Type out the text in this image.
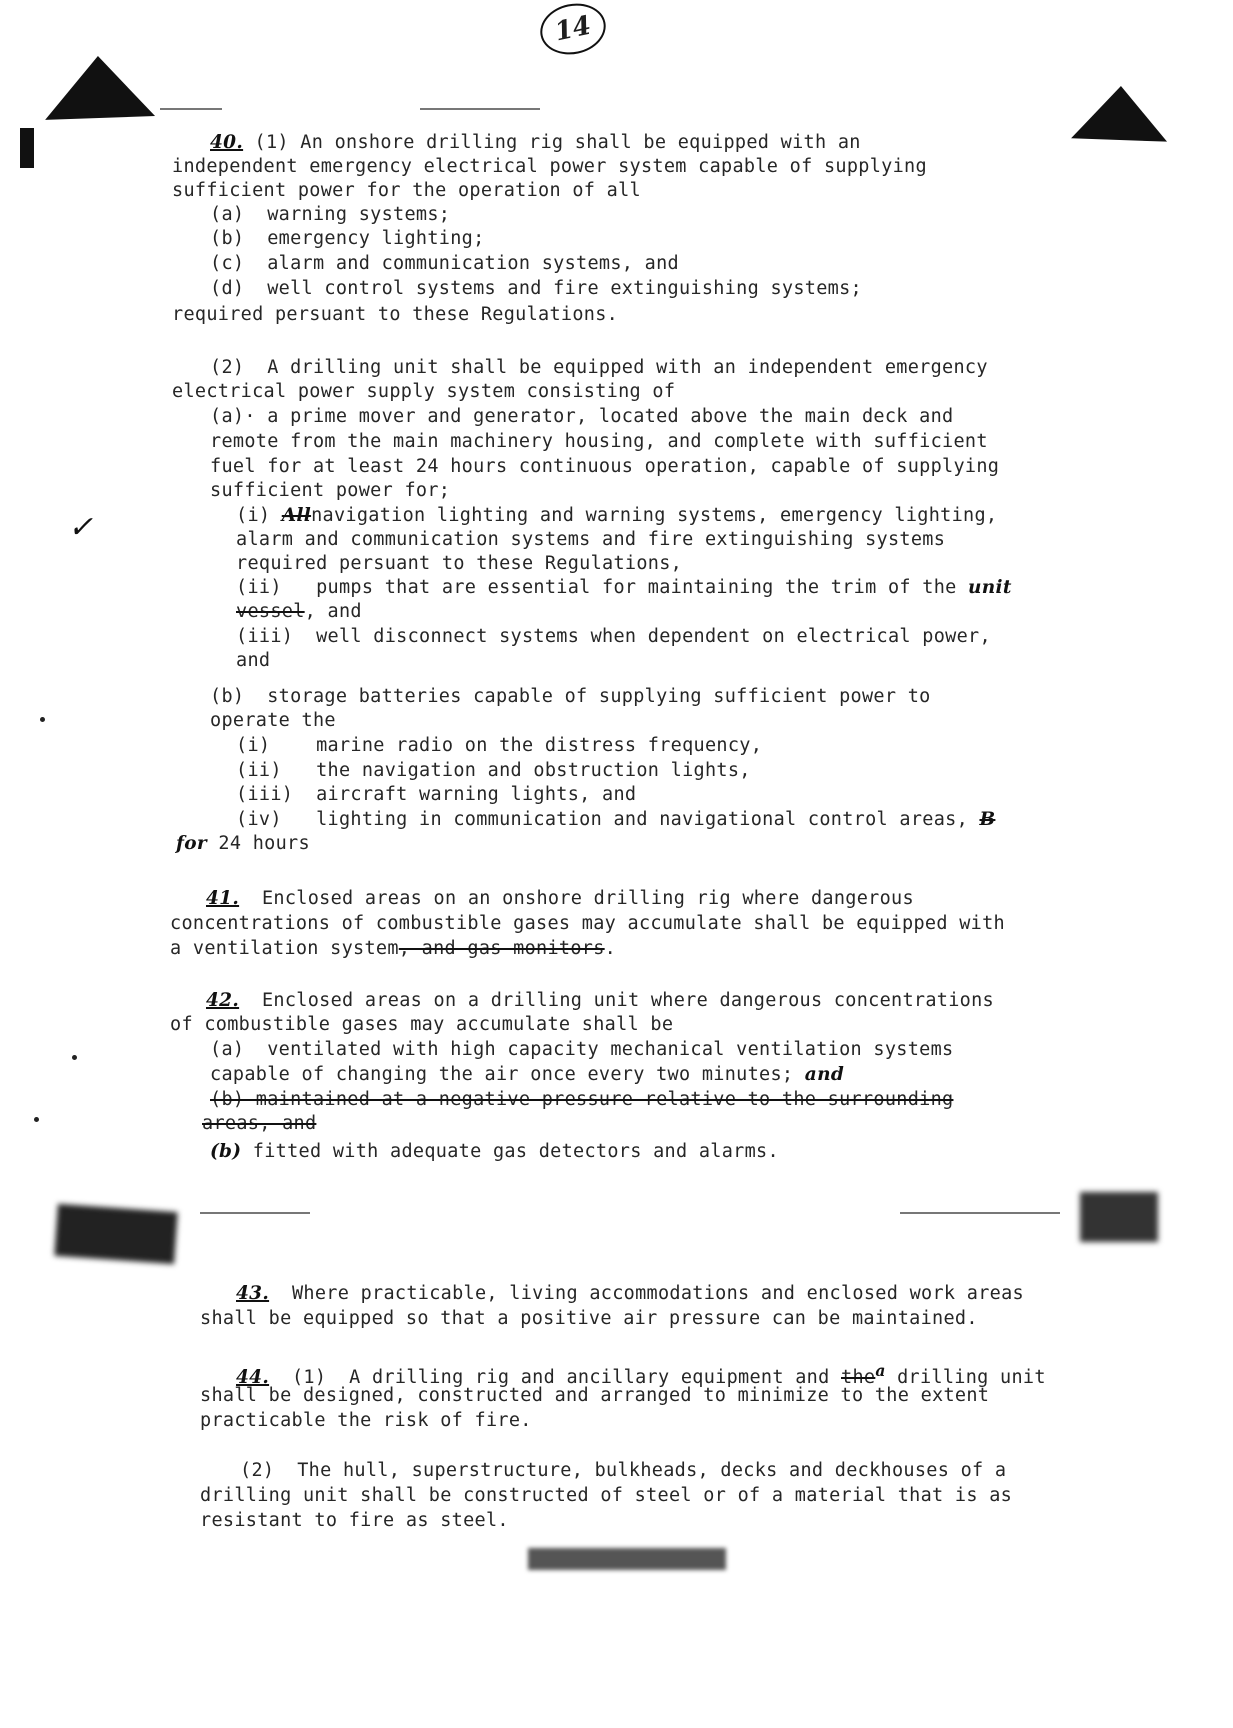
14
✓
40. (1) An onshore drilling rig shall be equipped with an
independent emergency electrical power system capable of supplying
sufficient power for the operation of all
(a)  warning systems;
(b)  emergency lighting;
(c)  alarm and communication systems, and
(d)  well control systems and fire extinguishing systems;
required persuant to these Regulations.
(2)  A drilling unit shall be equipped with an independent emergency
electrical power supply system consisting of
(a)· a prime mover and generator, located above the main deck and
remote from the main machinery housing, and complete with sufficient
fuel for at least 24 hours continuous operation, capable of supplying
sufficient power for;
(i) Allnavigation lighting and warning systems, emergency lighting,
alarm and communication systems and fire extinguishing systems
required persuant to these Regulations,
(ii)   pumps that are essential for maintaining the trim of the unit
vessel, and
(iii)  well disconnect systems when dependent on electrical power,
and
(b)  storage batteries capable of supplying sufficient power to
operate the
(i)    marine radio on the distress frequency,
(ii)   the navigation and obstruction lights,
(iii)  aircraft warning lights, and
(iv)   lighting in communication and navigational control areas, B
for 24 hours
41.  Enclosed areas on an onshore drilling rig where dangerous
concentrations of combustible gases may accumulate shall be equipped with
a ventilation system, and gas monitors.
42.  Enclosed areas on a drilling unit where dangerous concentrations
of combustible gases may accumulate shall be
(a)  ventilated with high capacity mechanical ventilation systems
capable of changing the air once every two minutes; and
(b) maintained at a negative pressure relative to the surrounding
areas, and
(b) fitted with adequate gas detectors and alarms.
43.  Where practicable, living accommodations and enclosed work areas
shall be equipped so that a positive air pressure can be maintained.
44.  (1)  A drilling rig and ancillary equipment and the$^a$ drilling unit
shall be designed, constructed and arranged to minimize to the extent
practicable the risk of fire.
(2)  The hull, superstructure, bulkheads, decks and deckhouses of a
drilling unit shall be constructed of steel or of a material that is as
resistant to fire as steel.
